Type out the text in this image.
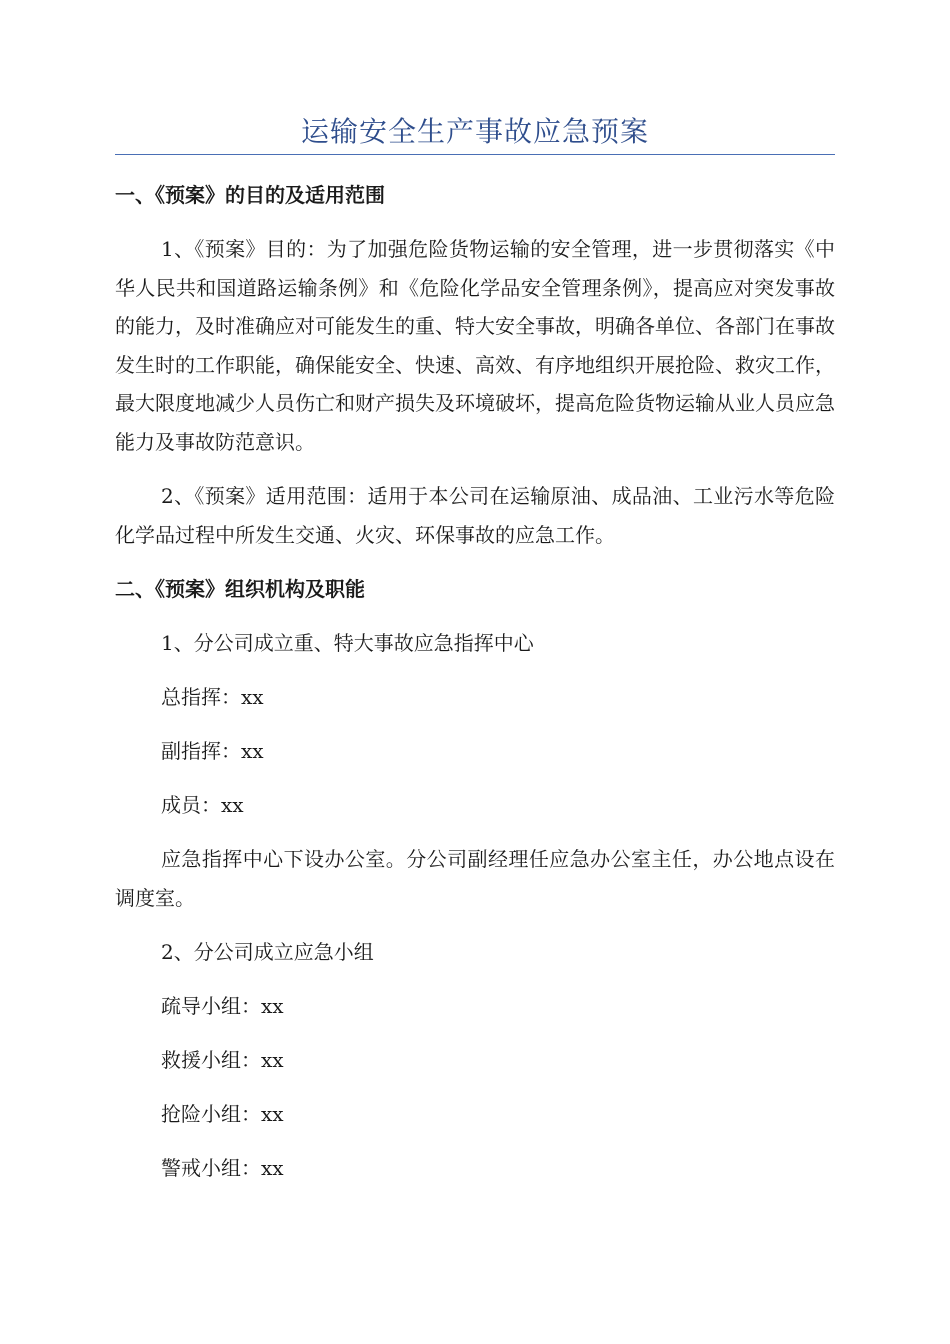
运输安全生产事故应急预案
一、《预案》的目的及适用范围

1、《预案》目的：为了加强危险货物运输的安全管理，进一步贯彻落实《中华人民共和国道路运输条例》和《危险化学品安全管理条例》，提高应对突发事故的能力，及时准确应对可能发生的重、特大安全事故，明确各单位、各部门在事故发生时的工作职能，确保能安全、快速、高效、有序地组织开展抢险、救灾工作，最大限度地减少人员伤亡和财产损失及环境破坏，提高危险货物运输从业人员应急能力及事故防范意识。

2、《预案》适用范围：适用于本公司在运输原油、成品油、工业污水等危险化学品过程中所发生交通、火灾、环保事故的应急工作。

二、《预案》组织机构及职能
1、分公司成立重、特大事故应急指挥中心
总指挥：xx
副指挥：xx
成员：xx

应急指挥中心下设办公室。分公司副经理任应急办公室主任，办公地点设在调度室。

2、分公司成立应急小组
疏导小组：xx
救援小组：xx
抢险小组：xx
警戒小组：xx
